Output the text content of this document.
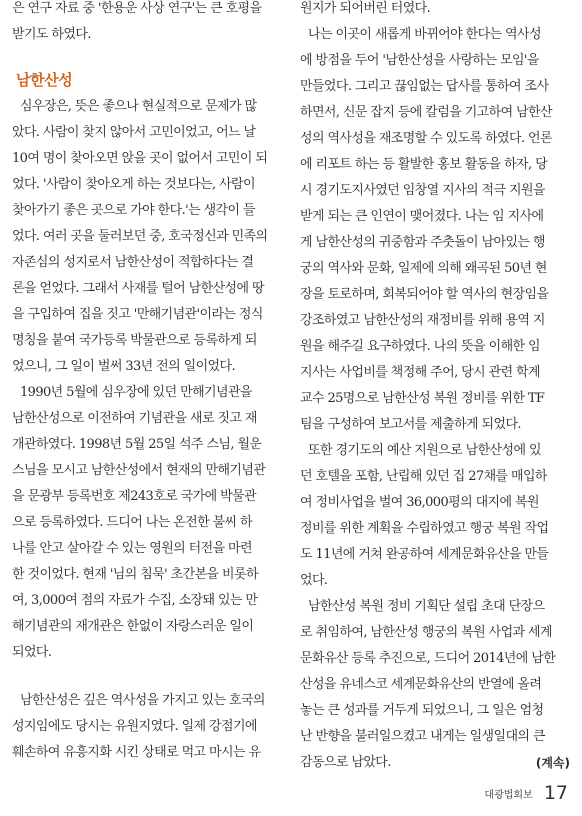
은 연구 자료 중 '한용운 사상 연구'는 큰 호평을
받기도 하였다.
남한산성
심우장은, 뜻은 좋으나 현실적으로 문제가 많
았다. 사람이 찾지 않아서 고민이었고, 어느 날
10여 명이 찾아오면 앉을 곳이 없어서 고민이 되
었다. '사람이 찾아오게 하는 것보다는, 사람이
찾아가기 좋은 곳으로 가야 한다.'는 생각이 들
었다. 여러 곳을 둘러보던 중, 호국정신과 민족의
자존심의 성지로서 남한산성이 적합하다는 결
론을 얻었다. 그래서 사재를 털어 남한산성에 땅
을 구입하여 집을 짓고 '만해기념관'이라는 정식
명칭을 붙여 국가등록 박물관으로 등록하게 되
었으니, 그 일이 벌써 33년 전의 일이었다.
1990년 5월에 심우장에 있던 만해기념관을
남한산성으로 이전하여 기념관을 새로 짓고 재
개관하였다. 1998년 5월 25일 석주 스님, 월운
스님을 모시고 남한산성에서 현재의 만해기념관
을 문광부 등록번호 제243호로 국가에 박물관
으로 등록하였다. 드디어 나는 온전한 불씨 하
나를 안고 살아갈 수 있는 영원의 터전을 마련
한 것이었다. 현재 '님의 침묵' 초간본을 비롯하
여, 3,000여 점의 자료가 수집, 소장돼 있는 만
해기념관의 재개관은 한없이 자랑스러운 일이
되었다.
남한산성은 깊은 역사성을 가지고 있는 호국의
성지임에도 당시는 유원지였다. 일제 강점기에
훼손하여 유흥지화 시킨 상태로 먹고 마시는 유
원지가 되어버린 터였다.
나는 이곳이 새롭게 바뀌어야 한다는 역사성
에 방점을 두어 '남한산성을 사랑하는 모임'을
만들었다. 그리고 끊임없는 답사를 통하여 조사
하면서, 신문 잡지 등에 칼럼을 기고하여 남한산
성의 역사성을 재조명할 수 있도록 하였다. 언론
에 리포트 하는 등 활발한 홍보 활동을 하자, 당
시 경기도지사였던 임창열 지사의 적극 지원을
받게 되는 큰 인연이 맺어졌다. 나는 임 지사에
게 남한산성의 귀중함과 주춧돌이 남아있는 행
궁의 역사와 문화, 일제에 의해 왜곡된 50년 현
장을 토로하며, 회복되어야 할 역사의 현장임을
강조하였고 남한산성의 재정비를 위해 용역 지
원을 해주길 요구하였다. 나의 뜻을 이해한 임
지사는 사업비를 책정해 주어, 당시 관련 학계
교수 25명으로 남한산성 복원 정비를 위한 TF
팀을 구성하여 보고서를 제출하게 되었다.
또한 경기도의 예산 지원으로 남한산성에 있
던 호텔을 포함, 난립해 있던 집 27채를 매입하
여 정비사업을 벌여 36,000평의 대지에 복원
정비를 위한 계획을 수립하였고 행궁 복원 작업
도 11년에 거쳐 완공하여 세계문화유산을 만들
었다.
남한산성 복원 정비 기획단 설립 초대 단장으
로 취임하여, 남한산성 행궁의 복원 사업과 세계
문화유산 등록 추진으로, 드디어 2014년에 남한
산성을 유네스코 세계문화유산의 반열에 올려
놓는 큰 성과를 거두게 되었으니, 그 일은 엄청
난 반향을 불러일으켰고 내게는 일생일대의 큰
감동으로 남았다.	(계속)
대광법회보 17
